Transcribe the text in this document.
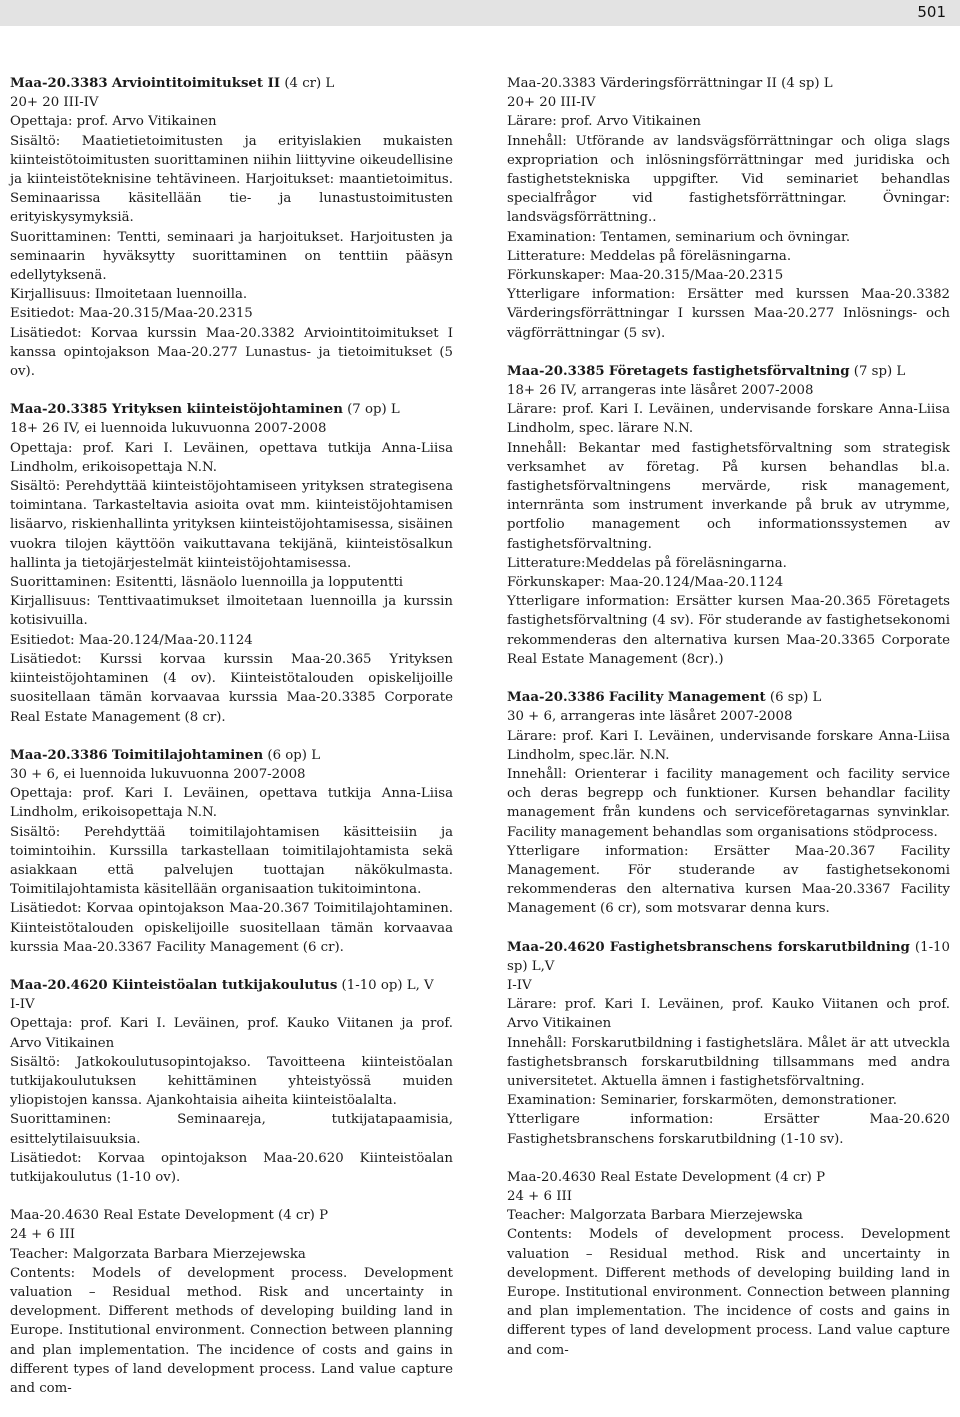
501

Maa-20.3383 Arviointitoimitukset II (4 cr) L

20+ 20 III-IV

Opettaja: prof. Arvo Vitikainen

Sisältö: Maatietietoimitusten ja erityislakien mukaisten kiinteistötoimitusten suorittaminen niihin liittyvine oikeudellisine ja kiinteistöteknisine tehtävineen. Harjoitukset: maantietoimitus. Seminaarissa käsitellään tie- ja lunastustoimitusten erityiskysymyksiä.

Suorittaminen: Tentti, seminaari ja harjoitukset. Harjoitusten ja seminaarin hyväksytty suorittaminen on tenttiin pääsyn edellytyksenä.

Kirjallisuus: Ilmoitetaan luennoilla.

Esitiedot: Maa-20.315/Maa-20.2315

Lisätiedot: Korvaa kurssin Maa-20.3382 Arviointitoimitukset I kanssa opintojakson Maa-20.277 Lunastus- ja tietoimitukset (5 ov).

Maa-20.3385 Yrityksen kiinteistöjohtaminen (7 op) L

18+ 26 IV, ei luennoida lukuvuonna 2007-2008

Opettaja: prof. Kari I. Leväinen, opettava tutkija Anna-Liisa Lindholm, erikoisopettaja N.N.

Sisältö: Perehdyttää kiinteistöjohtamiseen yrityksen strategisena toimintana. Tarkasteltavia asioita ovat mm. kiinteistöjohtamisen lisäarvo, riskienhallinta yrityksen kiinteistöjohtamisessa, sisäinen vuokra tilojen käyttöön vaikuttavana tekijänä, kiinteistösalkun hallinta ja tietojärjestelmät kiinteistöjohtamisessa.

Suorittaminen: Esitentti, läsnäolo luennoilla ja lopputentti

Kirjallisuus: Tenttivaatimukset ilmoitetaan luennoilla ja kurssin kotisivuilla.

Esitiedot: Maa-20.124/Maa-20.1124

Lisätiedot: Kurssi korvaa kurssin Maa-20.365 Yrityksen kiinteistöjohtaminen (4 ov). Kiinteistötalouden opiskelijoille suositellaan tämän korvaavaa kurssia Maa-20.3385 Corporate Real Estate Management (8 cr).

Maa-20.3386 Toimitilajohtaminen (6 op) L

30 + 6, ei luennoida lukuvuonna 2007-2008

Opettaja: prof. Kari I. Leväinen, opettava tutkija Anna-Liisa Lindholm, erikoisopettaja N.N.

Sisältö: Perehdyttää toimitilajohtamisen käsitteisiin ja toimintoihin. Kurssilla tarkastellaan toimitilajohtamista sekä asiakkaan että palvelujen tuottajan näkökulmasta. Toimitilajohtamista käsitellään organisaation tukitoimintona.

Lisätiedot: Korvaa opintojakson Maa-20.367 Toimitilajohtaminen. Kiinteistötalouden opiskelijoille suositellaan tämän korvaavaa kurssia Maa-20.3367 Facility Management (6 cr).

Maa-20.4620 Kiinteistöalan tutkijakoulutus (1-10 op) L, V

I-IV

Opettaja: prof. Kari I. Leväinen, prof. Kauko Viitanen ja prof. Arvo Vitikainen

Sisältö: Jatkokoulutusopintojakso. Tavoitteena kiinteistöalan tutkijakoulutuksen kehittäminen yhteistyössä muiden yliopistojen kanssa. Ajankohtaisia aiheita kiinteistöalalta.

Suorittaminen: Seminaareja, tutkijatapaamisia, esittelytilaisuuksia.

Lisätiedot: Korvaa opintojakson Maa-20.620 Kiinteistöalan tutkijakoulutus (1-10 ov).

Maa-20.4630 Real Estate Development (4 cr) P

24 + 6 III

Teacher: Malgorzata Barbara Mierzejewska

Contents: Models of development process. Development valuation – Residual method. Risk and uncertainty in development. Different methods of developing building land in Europe. Institutional environment. Connection between planning and plan implementation. The incidence of costs and gains in different types of land development process. Land value capture and com-

Maa-20.3383 Värderingsförrättningar II (4 sp) L

20+ 20 III-IV

Lärare: prof. Arvo Vitikainen

Innehåll: Utförande av landsvägsförrättningar och oliga slags expropriation och inlösningsförrättningar med juridiska och fastighetstekniska uppgifter. Vid seminariet behandlas specialfrågor vid fastighetsförrättningar. Övningar: landsvägsförrättning..

Examination: Tentamen, seminarium och övningar.

Litterature: Meddelas på föreläsningarna.

Förkunskaper: Maa-20.315/Maa-20.2315

Ytterligare information: Ersätter med kurssen Maa-20.3382 Värderingsförrättningar I kurssen Maa-20.277 Inlösnings- och vägförrättningar (5 sv).

Maa-20.3385 Företagets fastighetsförvaltning (7 sp) L

18+ 26 IV, arrangeras inte läsåret 2007-2008

Lärare: prof. Kari I. Leväinen, undervisande forskare Anna-Liisa Lindholm, spec. lärare N.N.

Innehåll: Bekantar med fastighetsförvaltning som strategisk verksamhet av företag. På kursen behandlas bl.a. fastighetsförvaltningens mervärde, risk management, internränta som instrument inverkande på bruk av utrymme, portfolio management och informationssystemen av fastighetsförvaltning.

Litterature:Meddelas på föreläsningarna.

Förkunskaper: Maa-20.124/Maa-20.1124

Ytterligare information: Ersätter kursen Maa-20.365 Företagets fastighetsförvaltning (4 sv). För studerande av fastighetsekonomi rekommenderas den alternativa kursen Maa-20.3365 Corporate Real Estate Management (8cr).)

Maa-20.3386 Facility Management (6 sp) L

30 + 6, arrangeras inte läsåret 2007-2008

Lärare: prof. Kari I. Leväinen, undervisande forskare Anna-Liisa Lindholm, spec.lär. N.N.

Innehåll: Orienterar i facility management och facility service och deras begrepp och funktioner. Kursen behandlar facility management från kundens och serviceföretagarnas synvinklar. Facility management behandlas som organisations stödprocess.

Ytterligare information: Ersätter Maa-20.367 Facility Management. För studerande av fastighetsekonomi rekommenderas den alternativa kursen Maa-20.3367 Facility Management (6 cr), som motsvarar denna kurs.

Maa-20.4620 Fastighetsbranschens forskarutbildning (1-10 sp) L,V

I-IV

Lärare: prof. Kari I. Leväinen, prof. Kauko Viitanen och prof. Arvo Vitikainen

Innehåll: Forskarutbildning i fastighetslära. Målet är att utveckla fastighetsbransch forskarutbildning tillsammans med andra universitetet. Aktuella ämnen i fastighetsförvaltning.

Examination: Seminarier, forskarmöten, demonstrationer.

Ytterligare information: Ersätter Maa-20.620 Fastighetsbranschens forskarutbildning (1-10 sv).

Maa-20.4630 Real Estate Development (4 cr) P

24 + 6 III

Teacher: Malgorzata Barbara Mierzejewska

Contents: Models of development process. Development valuation – Residual method. Risk and uncertainty in development. Different methods of developing building land in Europe. Institutional environment. Connection between planning and plan implementation. The incidence of costs and gains in different types of land development process. Land value capture and com-
